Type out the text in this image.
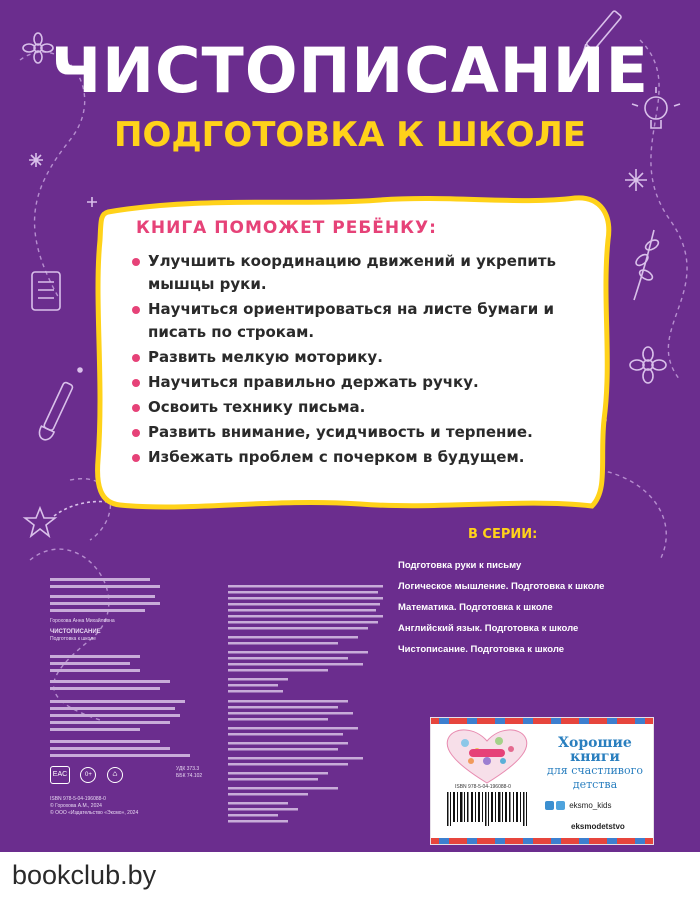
ЧИСТОПИСАНИЕ
ПОДГОТОВКА К ШКОЛЕ
КНИГА ПОМОЖЕТ РЕБЁНКУ:
Улучшить координацию движений и укрепить мышцы руки.
Научиться ориентироваться на листе бумаги и писать по строкам.
Развить мелкую моторику.
Научиться правильно держать ручку.
Освоить технику письма.
Развить внимание, усидчивость и терпение.
Избежать проблем с почерком в будущем.
В СЕРИИ:
Подготовка руки к письму
Логическое мышление. Подготовка к школе
Математика. Подготовка к школе
Английский язык. Подготовка к школе
Чистописание. Подготовка к школе
Горохова Анна Михайловна
ЧИСТОПИСАНИЕ
Подготовка к школе
EAC	0+	♺
ISBN 978-5-04-196088-0
© Горохова А.М., 2024
© ООО «Издательство «Эксмо», 2024
УДК 373.3
ББК 74.102
Хорошие
книги
для счастливого
детства
ISBN 978-5-04-196088-0
eksmo_kids
eksmodetstvo
bookclub.by
